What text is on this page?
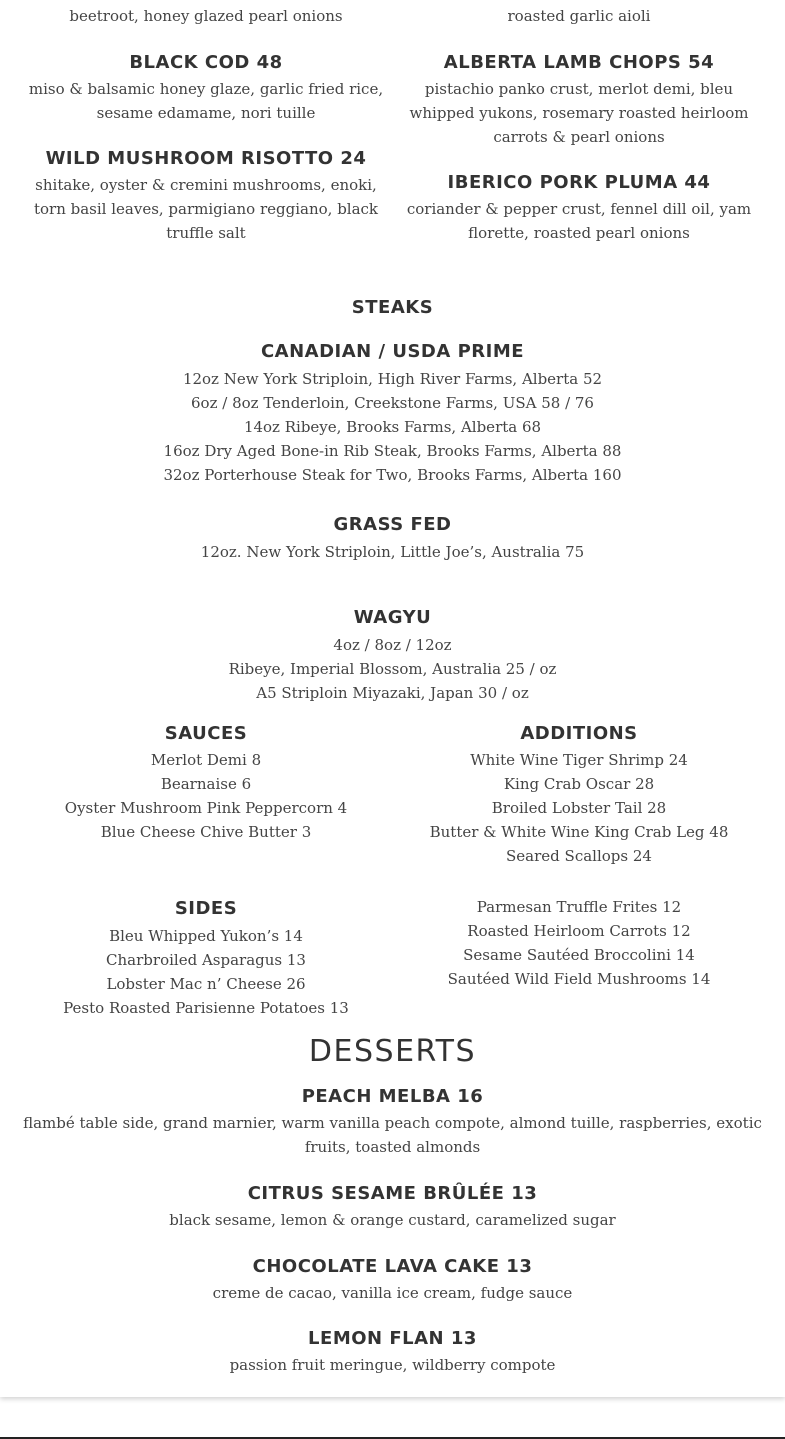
beetroot, honey glazed pearl onions	roasted garlic aioli

BLACK COD 48

miso & balsamic honey glaze, garlic fried rice, sesame edamame, nori tuille

ALBERTA LAMB CHOPS 54

pistachio panko crust, merlot demi, bleu whipped yukons, rosemary roasted heirloom carrots & pearl onions

WILD MUSHROOM RISOTTO 24

shitake, oyster & cremini mushrooms, enoki, torn basil leaves, parmigiano reggiano, black truffle salt

IBERICO PORK PLUMA 44

coriander & pepper crust, fennel dill oil, yam florette, roasted pearl onions

STEAKS
CANADIAN / USDA PRIME

12oz New York Striploin, High River Farms, Alberta 52

6oz / 8oz Tenderloin, Creekstone Farms, USA 58 / 76

14oz Ribeye, Brooks Farms, Alberta 68

16oz Dry Aged Bone-in Rib Steak, Brooks Farms, Alberta 88

32oz Porterhouse Steak for Two, Brooks Farms, Alberta 160

GRASS FED

12oz. New York Striploin, Little Joe’s, Australia 75

WAGYU

4oz / 8oz / 12oz

Ribeye, Imperial Blossom, Australia 25 / oz

A5 Striploin Miyazaki, Japan 30 / oz

SAUCES

Merlot Demi 8

Bearnaise 6

Oyster Mushroom Pink Peppercorn 4

Blue Cheese Chive Butter 3

ADDITIONS

White Wine Tiger Shrimp 24

King Crab Oscar 28

Broiled Lobster Tail 28

Butter & White Wine King Crab Leg 48

Seared Scallops 24

SIDES

Bleu Whipped Yukon’s 14

Charbroiled Asparagus 13

Lobster Mac n’ Cheese 26

Pesto Roasted Parisienne Potatoes 13

Parmesan Truffle Frites 12

Roasted Heirloom Carrots 12

Sesame Sautéed Broccolini 14

Sautéed Wild Field Mushrooms 14

DESSERTS
PEACH MELBA 16

flambé table side, grand marnier, warm vanilla peach compote, almond tuille, raspberries, exotic fruits, toasted almonds

CITRUS SESAME BRÛLÉE 13

black sesame, lemon & orange custard, caramelized sugar

CHOCOLATE LAVA CAKE 13

creme de cacao, vanilla ice cream, fudge sauce

LEMON FLAN 13

passion fruit meringue, wildberry compote
